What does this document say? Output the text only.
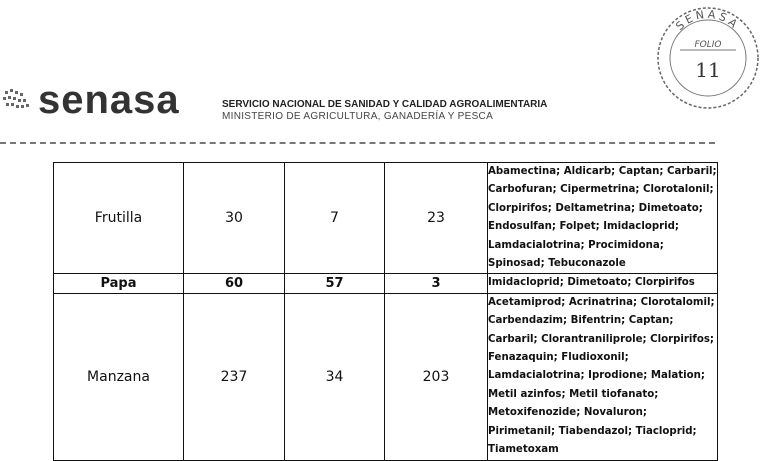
senasa	SERVICIO NACIONAL DE SANIDAD Y CALIDAD AGROALIMENTARIA
MINISTERIO DE AGRICULTURA, GANADERÍA Y PESCA
SENASA
FOLIO
11
Frutilla	30	7	23	Abamectina; Aldicarb; Captan; Carbaril; Carbofuran; Cipermetrina; Clorotalonil; Clorpirifos; Deltametrina; Dimetoato; Endosulfan; Folpet; Imidacloprid; Lamdacialotrina; Procimidona; Spinosad; Tebuconazole
Papa	60	57	3	Imidacloprid; Dimetoato; Clorpirifos
Manzana	237	34	203	Acetamiprod; Acrinatrina; Clorotalomil; Carbendazim; Bifentrin; Captan; Carbaril; Clorantraniliprole; Clorpirifos; Fenazaquin; Fludioxonil; Lamdacialotrina; Iprodione; Malation; Metil azinfos; Metil tiofanato; Metoxifenozide; Novaluron; Pirimetanil; Tiabendazol; Tiacloprid; Tiametoxam
